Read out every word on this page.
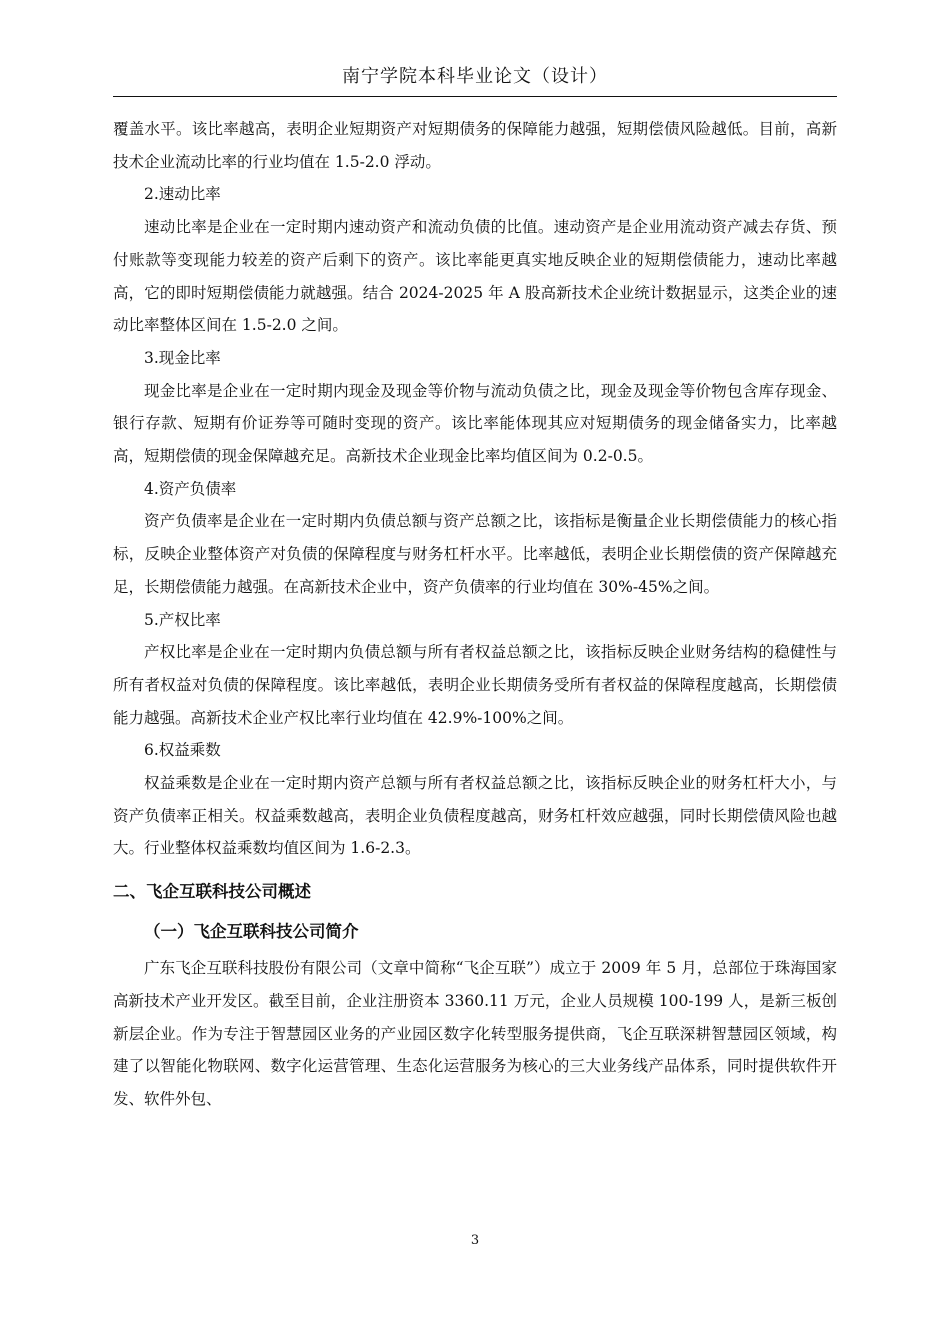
南宁学院本科毕业论文（设计）

覆盖水平。该比率越高，表明企业短期资产对短期债务的保障能力越强，短期偿债风险越低。目前，高新技术企业流动比率的行业均值在 1.5-2.0 浮动。

2.速动比率

速动比率是企业在一定时期内速动资产和流动负债的比值。速动资产是企业用流动资产减去存货、预付账款等变现能力较差的资产后剩下的资产。该比率能更真实地反映企业的短期偿债能力，速动比率越高，它的即时短期偿债能力就越强。结合 2024-2025 年 A 股高新技术企业统计数据显示，这类企业的速动比率整体区间在 1.5-2.0 之间。

3.现金比率

现金比率是企业在一定时期内现金及现金等价物与流动负债之比，现金及现金等价物包含库存现金、银行存款、短期有价证券等可随时变现的资产。该比率能体现其应对短期债务的现金储备实力，比率越高，短期偿债的现金保障越充足。高新技术企业现金比率均值区间为 0.2-0.5。

4.资产负债率

资产负债率是企业在一定时期内负债总额与资产总额之比，该指标是衡量企业长期偿债能力的核心指标，反映企业整体资产对负债的保障程度与财务杠杆水平。比率越低，表明企业长期偿债的资产保障越充足，长期偿债能力越强。在高新技术企业中，资产负债率的行业均值在 30%-45%之间。

5.产权比率

产权比率是企业在一定时期内负债总额与所有者权益总额之比，该指标反映企业财务结构的稳健性与所有者权益对负债的保障程度。该比率越低，表明企业长期债务受所有者权益的保障程度越高，长期偿债能力越强。高新技术企业产权比率行业均值在 42.9%-100%之间。

6.权益乘数

权益乘数是企业在一定时期内资产总额与所有者权益总额之比，该指标反映企业的财务杠杆大小，与资产负债率正相关。权益乘数越高，表明企业负债程度越高，财务杠杆效应越强，同时长期偿债风险也越大。行业整体权益乘数均值区间为 1.6-2.3。

二、飞企互联科技公司概述

（一）飞企互联科技公司简介

广东飞企互联科技股份有限公司（文章中简称“飞企互联”）成立于 2009 年 5 月，总部位于珠海国家高新技术产业开发区。截至目前，企业注册资本 3360.11 万元，企业人员规模 100-199 人，是新三板创新层企业。作为专注于智慧园区业务的产业园区数字化转型服务提供商，飞企互联深耕智慧园区领域，构建了以智能化物联网、数字化运营管理、生态化运营服务为核心的三大业务线产品体系，同时提供软件开发、软件外包、

3
